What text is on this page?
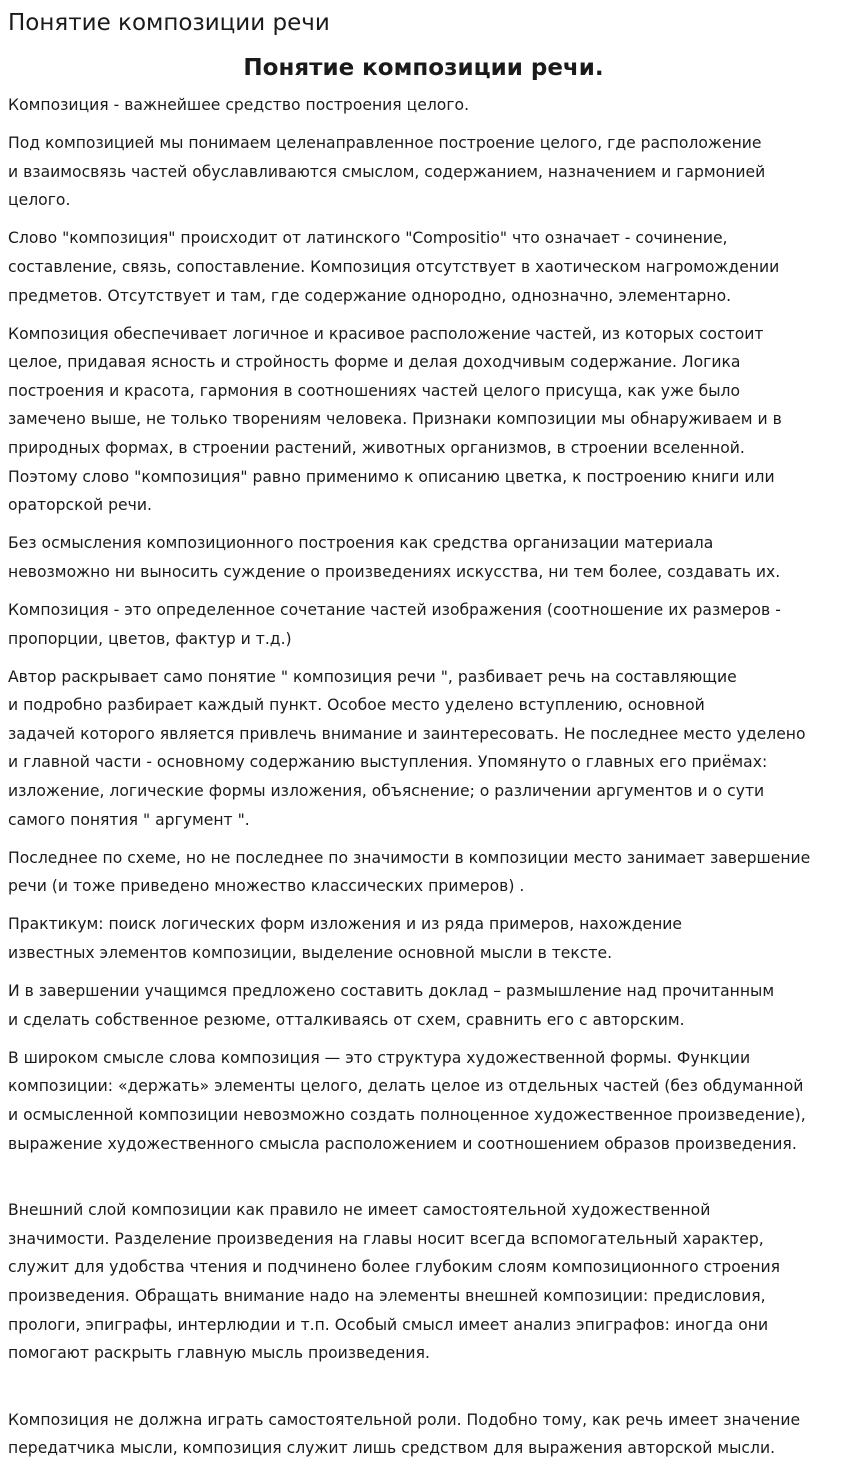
Понятие композиции речи
Понятие композиции речи.

Композиция - важнейшее средство построения целого.

Под композицией мы понимаем целенаправленное построение целого, где расположение
и взаимосвязь частей обуславливаются смыслом, содержанием, назначением и гармонией
целого.

Слово "композиция" происходит от латинского "Compositio" что означает - сочинение,
составление, связь, сопоставление. Композиция отсутствует в хаотическом нагромождении
предметов. Отсутствует и там, где содержание однородно, однозначно, элементарно.

Композиция обеспечивает логичное и красивое расположение частей, из которых состоит
целое, придавая ясность и стройность форме и делая доходчивым содержание. Логика
построения и красота, гармония в соотношениях частей целого присуща, как уже было
замечено выше, не только творениям человека. Признаки композиции мы обнаруживаем и в
природных формах, в строении растений, животных организмов, в строении вселенной.
Поэтому слово "композиция" равно применимо к описанию цветка, к построению книги или
ораторской речи.

Без осмысления композиционного построения как средства организации материала
невозможно ни выносить суждение о произведениях искусства, ни тем более, создавать их.

Композиция - это определенное сочетание частей изображения (соотношение их размеров -
пропорции, цветов, фактур и т.д.)

Автор раскрывает само понятие " композиция речи ", разбивает речь на составляющие
и подробно разбирает каждый пункт. Особое место уделено вступлению, основной
задачей которого является привлечь внимание и заинтересовать. Не последнее место уделено
и главной части - основному содержанию выступления. Упомянуто о главных его приёмах:
изложение, логические формы изложения, объяснение; о различении аргументов и о сути
самого понятия " аргумент ".

Последнее по схеме, но не последнее по значимости в композиции место занимает завершение
речи (и тоже приведено множество классических примеров) .

Практикум: поиск логических форм изложения и из ряда примеров, нахождение
известных элементов композиции, выделение основной мысли в тексте.

И в завершении учащимся предложено составить доклад – размышление над прочитанным
и сделать собственное резюме, отталкиваясь от схем, сравнить его с авторским.

В широком смысле слова композиция — это структура художественной формы. Функции
композиции: «держать» элементы целого, делать целое из отдельных частей (без обдуманной
и осмысленной композиции невозможно создать полноценное художественное произведение),
выражение художественного смысла расположением и соотношением образов произведения.

Внешний слой композиции как правило не имеет самостоятельной художественной
значимости. Разделение произведения на главы носит всегда вспомогательный характер,
служит для удобства чтения и подчинено более глубоким слоям композиционного строения
произведения. Обращать внимание надо на элементы внешней композиции: предисловия,
прологи, эпиграфы, интерлюдии и т.п. Особый смысл имеет анализ эпиграфов: иногда они
помогают раскрыть главную мысль произведения.

Композиция не должна играть самостоятельной роли. Подобно тому, как речь имеет значение
передатчика мысли, композиция служит лишь средством для выражения авторской мысли.
